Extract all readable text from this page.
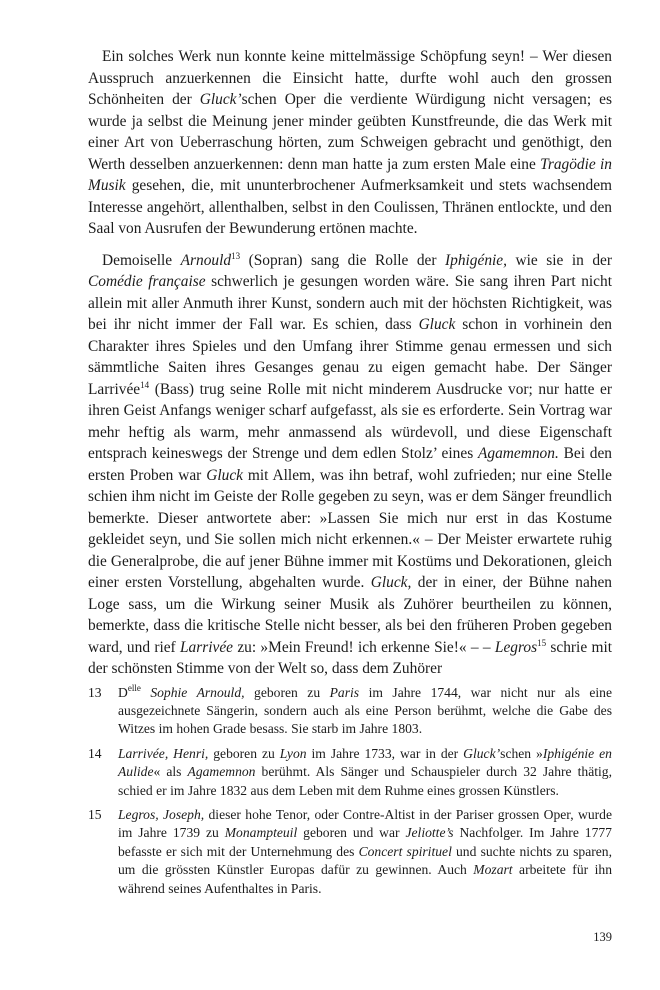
Ein solches Werk nun konnte keine mittelmässige Schöpfung seyn! – Wer diesen Ausspruch anzuerkennen die Einsicht hatte, durfte wohl auch den grossen Schönheiten der Gluck’schen Oper die verdiente Würdigung nicht versagen; es wurde ja selbst die Meinung jener minder geübten Kunstfreunde, die das Werk mit einer Art von Ueberraschung hörten, zum Schweigen gebracht und genöthigt, den Werth desselben anzuerkennen: denn man hatte ja zum ersten Male eine Tragödie in Musik gesehen, die, mit ununterbrochener Aufmerksamkeit und stets wachsendem Interesse angehört, allenthalben, selbst in den Coulissen, Thränen entlockte, und den Saal von Ausrufen der Bewunderung ertönen machte.

Demoiselle Arnould$^{13}$ (Sopran) sang die Rolle der Iphigénie, wie sie in der Comédie française schwerlich je gesungen worden wäre. Sie sang ihren Part nicht allein mit aller Anmuth ihrer Kunst, sondern auch mit der höchsten Richtigkeit, was bei ihr nicht immer der Fall war. Es schien, dass Gluck schon in vorhinein den Charakter ihres Spieles und den Umfang ihrer Stimme genau ermessen und sich sämmtliche Saiten ihres Gesanges genau zu eigen gemacht habe. Der Sänger Larrivée$^{14}$ (Bass) trug seine Rolle mit nicht minderem Ausdrucke vor; nur hatte er ihren Geist Anfangs weniger scharf aufgefasst, als sie es erforderte. Sein Vortrag war mehr heftig als warm, mehr anmassend als würdevoll, und diese Eigenschaft entsprach keineswegs der Strenge und dem edlen Stolz’ eines Agamemnon. Bei den ersten Proben war Gluck mit Allem, was ihn betraf, wohl zufrieden; nur eine Stelle schien ihm nicht im Geiste der Rolle gegeben zu seyn, was er dem Sänger freundlich bemerkte. Dieser antwortete aber: »Lassen Sie mich nur erst in das Kostume gekleidet seyn, und Sie sollen mich nicht erkennen.« – Der Meister erwartete ruhig die Generalprobe, die auf jener Bühne immer mit Kostüms und Dekorationen, gleich einer ersten Vorstellung, abgehalten wurde. Gluck, der in einer, der Bühne nahen Loge sass, um die Wirkung seiner Musik als Zuhörer beurtheilen zu können, bemerkte, dass die kritische Stelle nicht besser, als bei den früheren Proben gegeben ward, und rief Larrivée zu: »Mein Freund! ich erkenne Sie!« – – Legros$^{15}$ schrie mit der schönsten Stimme von der Welt so, dass dem Zuhörer

13 $D^{elle}$ Sophie Arnould, geboren zu Paris im Jahre 1744, war nicht nur als eine ausgezeichnete Sängerin, sondern auch als eine Person berühmt, welche die Gabe des Witzes im hohen Grade besass. Sie starb im Jahre 1803.
14 Larrivée, Henri, geboren zu Lyon im Jahre 1733, war in der Gluck’schen »Iphigénie en Aulide« als Agamemnon berühmt. Als Sänger und Schauspieler durch 32 Jahre thätig, schied er im Jahre 1832 aus dem Leben mit dem Ruhme eines grossen Künstlers.
15 Legros, Joseph, dieser hohe Tenor, oder Contre-Altist in der Pariser grossen Oper, wurde im Jahre 1739 zu Monampteuil geboren und war Jeliotte’s Nachfolger. Im Jahre 1777 befasste er sich mit der Unternehmung des Concert spirituel und suchte nichts zu sparen, um die grössten Künstler Europas dafür zu gewinnen. Auch Mozart arbeitete für ihn während seines Aufenthaltes in Paris.
139
